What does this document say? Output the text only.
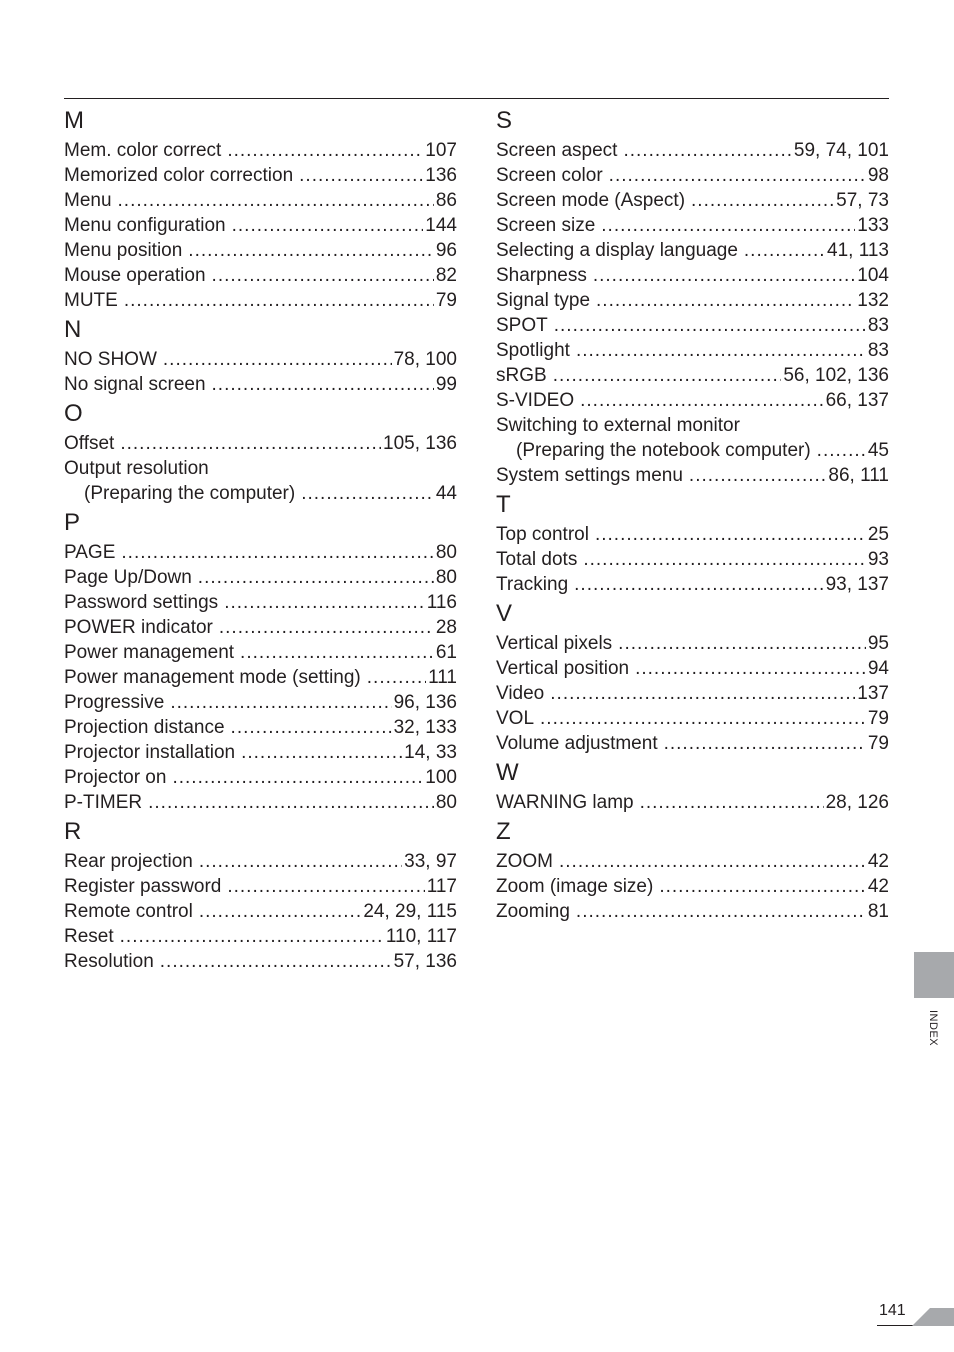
M
Mem. color correct .....	107
Memorized color correction .....	136
Menu .....	86
Menu configuration .....	144
Menu position .....	96
Mouse operation .....	82
MUTE .....	79
N
NO SHOW .....	78, 100
No signal screen .....	99
O
Offset .....	105, 136
Output resolution
(Preparing the computer) .....	44
P
PAGE .....	80
Page Up/Down .....	80
Password settings .....	116
POWER indicator .....	28
Power management .....	61
Power management mode (setting) .....	111
Progressive .....	96, 136
Projection distance .....	32, 133
Projector installation .....	14, 33
Projector on .....	100
P-TIMER .....	80
R
Rear projection .....	33, 97
Register password .....	117
Remote control .....	24, 29, 115
Reset .....	110, 117
Resolution .....	57, 136
S
Screen aspect .....	59, 74, 101
Screen color .....	98
Screen mode (Aspect) .....	57, 73
Screen size .....	133
Selecting a display language .....	41, 113
Sharpness .....	104
Signal type .....	132
SPOT .....	83
Spotlight .....	83
sRGB .....	56, 102, 136
S-VIDEO .....	66, 137
Switching to external monitor
(Preparing the notebook computer) .....	45
System settings menu .....	86, 111
T
Top control .....	25
Total dots .....	93
Tracking .....	93, 137
V
Vertical pixels .....	95
Vertical position .....	94
Video .....	137
VOL .....	79
Volume adjustment .....	79
W
WARNING lamp .....	28, 126
Z
ZOOM .....	42
Zoom (image size) .....	42
Zooming .....	81
INDEX
141
